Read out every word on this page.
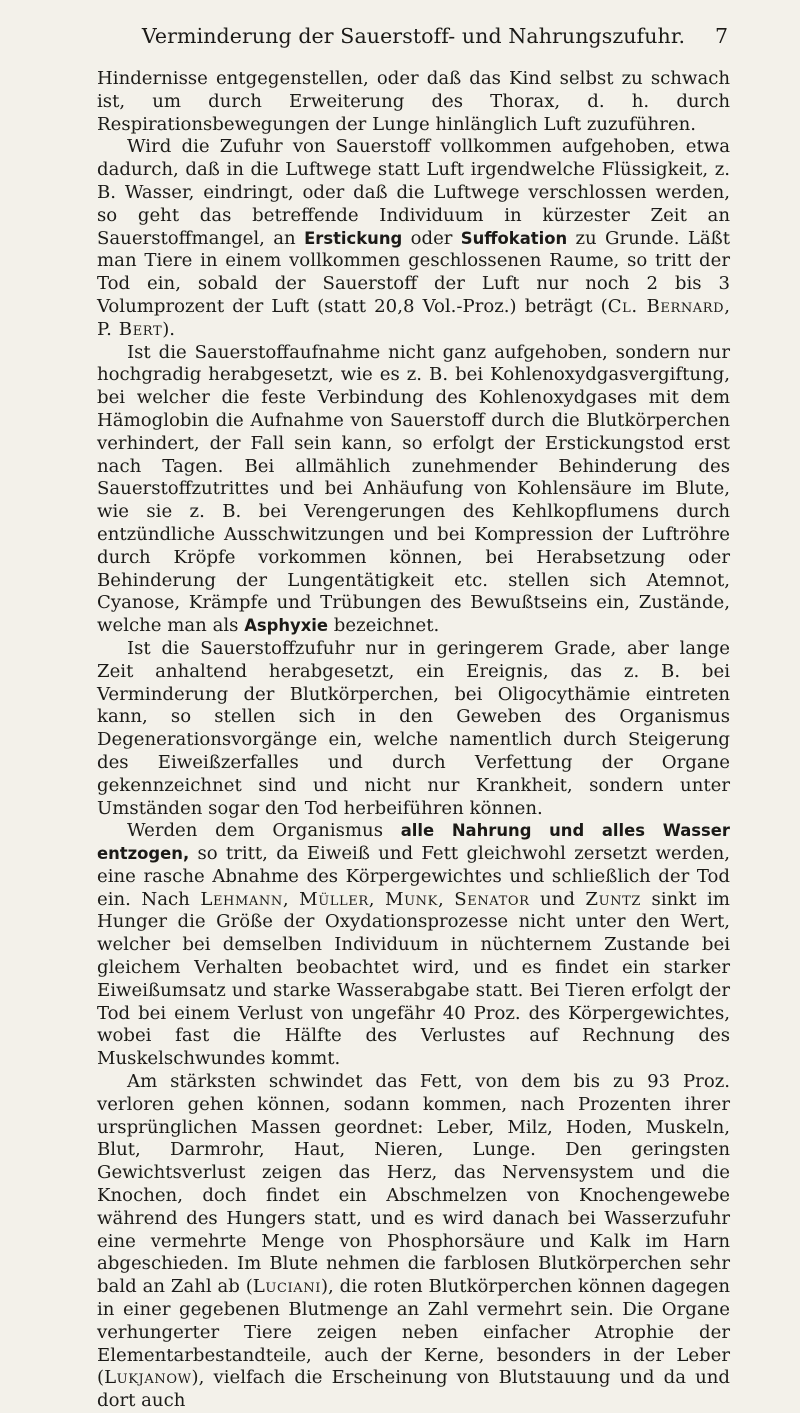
Verminderung der Sauerstoff- und Nahrungszufuhr.	7

Hindernisse entgegenstellen, oder daß das Kind selbst zu schwach ist, um durch Erweiterung des Thorax, d. h. durch Respirationsbewegungen der Lunge hinlänglich Luft zuzuführen.

Wird die Zufuhr von Sauerstoff vollkommen aufgehoben, etwa dadurch, daß in die Luftwege statt Luft irgendwelche Flüssigkeit, z. B. Wasser, eindringt, oder daß die Luftwege verschlossen werden, so geht das betreffende Individuum in kürzester Zeit an Sauerstoffmangel, an Erstickung oder Suffokation zu Grunde. Läßt man Tiere in einem vollkommen geschlossenen Raume, so tritt der Tod ein, sobald der Sauerstoff der Luft nur noch 2 bis 3 Volumprozent der Luft (statt 20,8 Vol.-Proz.) beträgt (Cl. Bernard, P. Bert).

Ist die Sauerstoffaufnahme nicht ganz aufgehoben, sondern nur hochgradig herabgesetzt, wie es z. B. bei Kohlenoxydgasvergiftung, bei welcher die feste Verbindung des Kohlenoxydgases mit dem Hämoglobin die Aufnahme von Sauerstoff durch die Blutkörperchen verhindert, der Fall sein kann, so erfolgt der Erstickungstod erst nach Tagen. Bei allmählich zunehmender Behinderung des Sauerstoffzutrittes und bei Anhäufung von Kohlensäure im Blute, wie sie z. B. bei Verengerungen des Kehlkopflumens durch entzündliche Ausschwitzungen und bei Kompression der Luftröhre durch Kröpfe vorkommen können, bei Herabsetzung oder Behinderung der Lungentätigkeit etc. stellen sich Atemnot, Cyanose, Krämpfe und Trübungen des Bewußtseins ein, Zustände, welche man als Asphyxie bezeichnet.

Ist die Sauerstoffzufuhr nur in geringerem Grade, aber lange Zeit anhaltend herabgesetzt, ein Ereignis, das z. B. bei Verminderung der Blutkörperchen, bei Oligocythämie eintreten kann, so stellen sich in den Geweben des Organismus Degenerationsvorgänge ein, welche namentlich durch Steigerung des Eiweißzerfalles und durch Verfettung der Organe gekennzeichnet sind und nicht nur Krankheit, sondern unter Umständen sogar den Tod herbeiführen können.

Werden dem Organismus alle Nahrung und alles Wasser entzogen, so tritt, da Eiweiß und Fett gleichwohl zersetzt werden, eine rasche Abnahme des Körpergewichtes und schließlich der Tod ein. Nach Lehmann, Müller, Munk, Senator und Zuntz sinkt im Hunger die Größe der Oxydationsprozesse nicht unter den Wert, welcher bei demselben Individuum in nüchternem Zustande bei gleichem Verhalten beobachtet wird, und es findet ein starker Eiweißumsatz und starke Wasserabgabe statt. Bei Tieren erfolgt der Tod bei einem Verlust von ungefähr 40 Proz. des Körpergewichtes, wobei fast die Hälfte des Verlustes auf Rechnung des Muskelschwundes kommt.

Am stärksten schwindet das Fett, von dem bis zu 93 Proz. verloren gehen können, sodann kommen, nach Prozenten ihrer ursprünglichen Massen geordnet: Leber, Milz, Hoden, Muskeln, Blut, Darmrohr, Haut, Nieren, Lunge. Den geringsten Gewichtsverlust zeigen das Herz, das Nervensystem und die Knochen, doch findet ein Abschmelzen von Knochengewebe während des Hungers statt, und es wird danach bei Wasserzufuhr eine vermehrte Menge von Phosphorsäure und Kalk im Harn abgeschieden. Im Blute nehmen die farblosen Blutkörperchen sehr bald an Zahl ab (Luciani), die roten Blutkörperchen können dagegen in einer gegebenen Blutmenge an Zahl vermehrt sein. Die Organe verhungerter Tiere zeigen neben einfacher Atrophie der Elementarbestandteile, auch der Kerne, besonders in der Leber (Lukjanow), vielfach die Erscheinung von Blutstauung und da und dort auch
